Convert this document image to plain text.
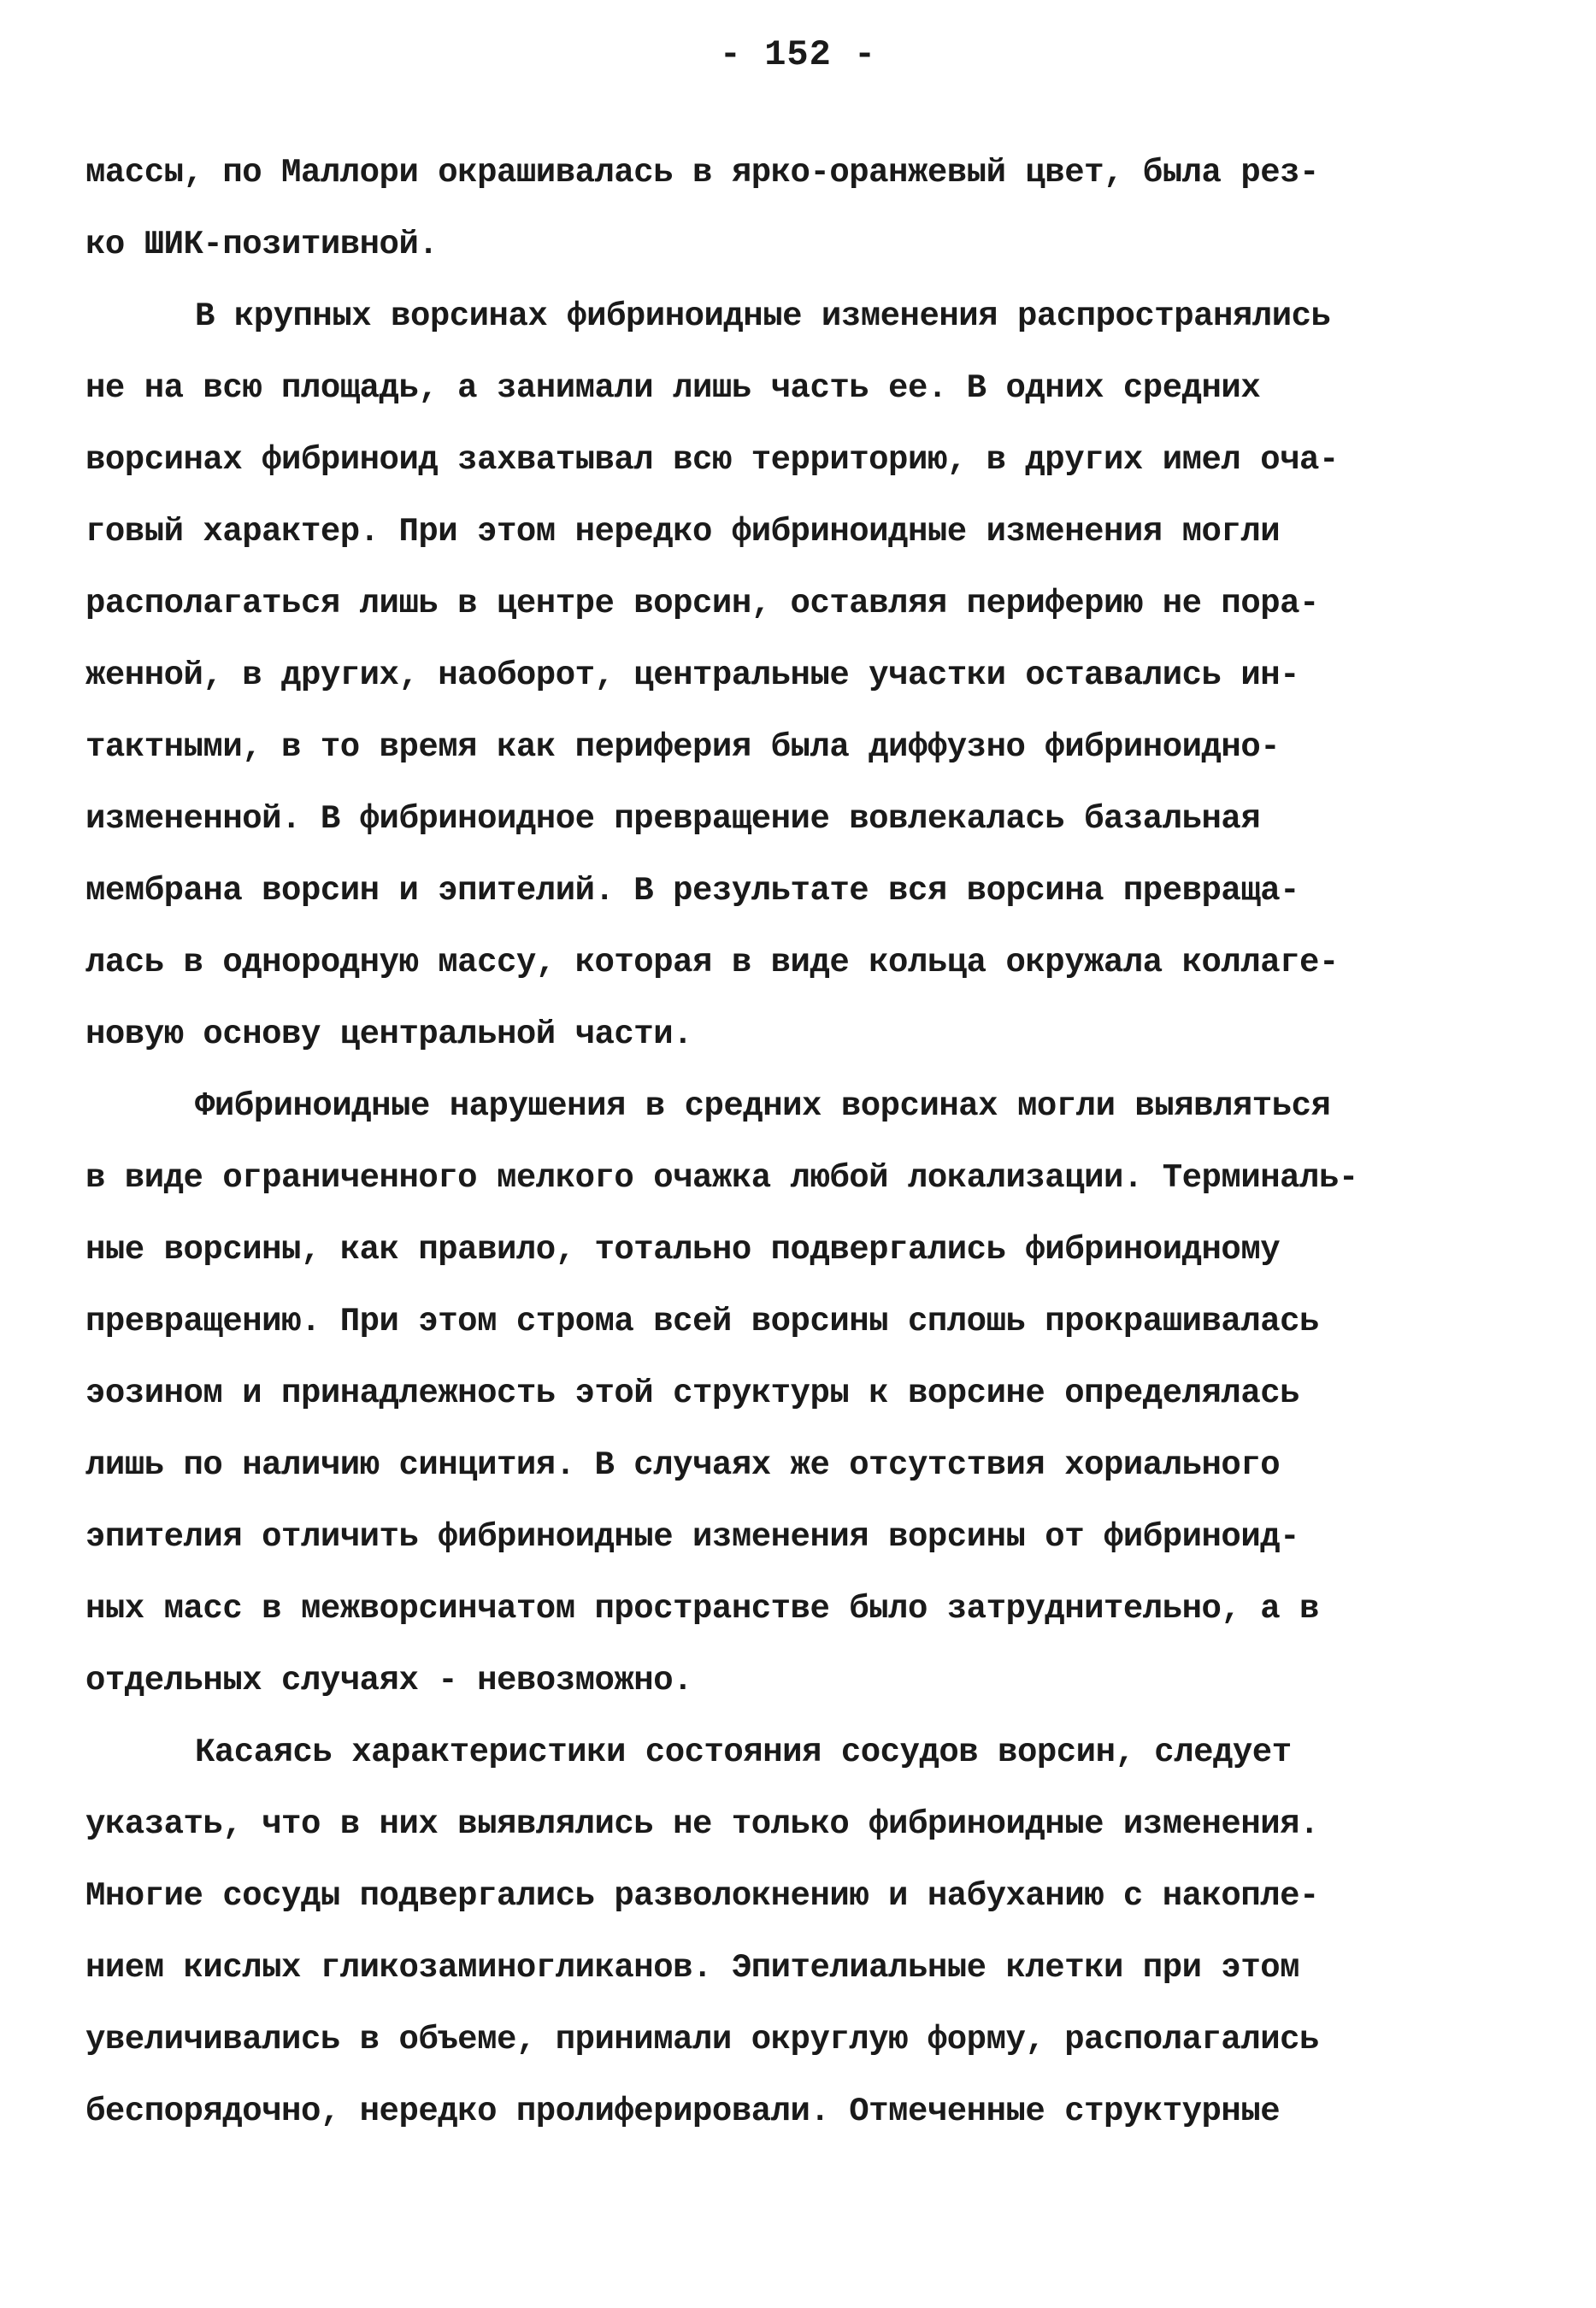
- 152 -
массы, по Маллори окрашивалась в ярко-оранжевый цвет, была рез-
ко ШИК-позитивной.
В крупных ворсинах фибриноидные изменения распространялись
не на всю площадь, а занимали лишь часть ее. В одних средних
ворсинах фибриноид захватывал всю территорию, в других имел оча-
говый характер. При этом нередко фибриноидные изменения могли
располагаться лишь в центре ворсин, оставляя периферию не пора-
женной, в других, наоборот, центральные участки оставались ин-
тактными, в то время как периферия была диффузно фибриноидно-
измененной. В фибриноидное превращение вовлекалась базальная
мембрана ворсин и эпителий. В результате вся ворсина превраща-
лась в однородную массу, которая в виде кольца окружала коллаге-
новую основу центральной части.
Фибриноидные нарушения в средних ворсинах могли выявляться
в виде ограниченного мелкого очажка любой локализации. Терминаль-
ные ворсины, как правило, тотально подвергались фибриноидному
превращению. При этом строма всей ворсины сплошь прокрашивалась
эозином и принадлежность этой структуры к ворсине определялась
лишь по наличию синцития. В случаях же отсутствия хориального
эпителия отличить фибриноидные изменения ворсины от фибриноид-
ных масс в межворсинчатом пространстве было затруднительно, а в
отдельных случаях - невозможно.
Касаясь характеристики состояния сосудов ворсин, следует
указать, что в них выявлялись не только фибриноидные изменения.
Многие сосуды подвергались разволокнению и набуханию с накопле-
нием кислых гликозаминогликанов. Эпителиальные клетки при этом
увеличивались в объеме, принимали округлую форму, располагались
беспорядочно, нередко пролиферировали. Отмеченные структурные
